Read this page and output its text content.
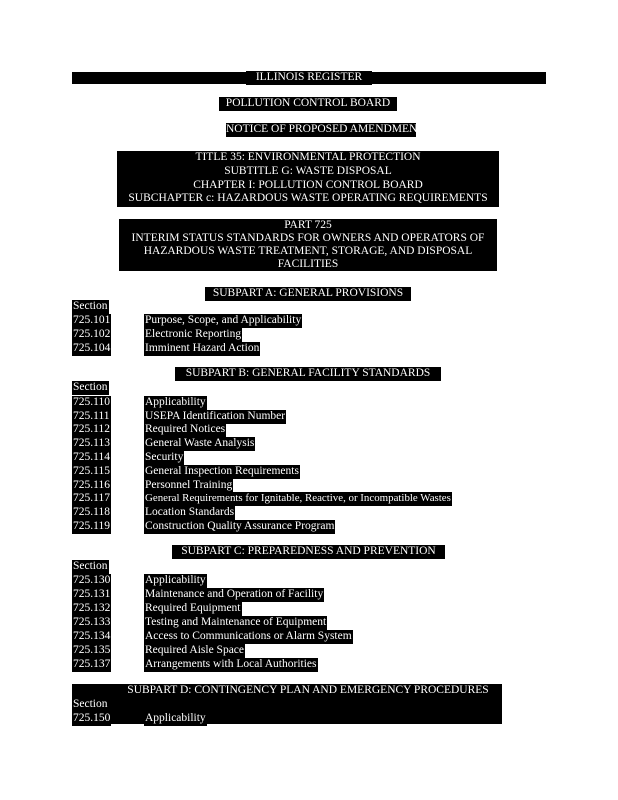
ILLINOIS REGISTER
POLLUTION CONTROL BOARD
NOTICE OF PROPOSED AMENDMENTS
TITLE 35: ENVIRONMENTAL PROTECTION
SUBTITLE G: WASTE DISPOSAL
CHAPTER I: POLLUTION CONTROL BOARD
SUBCHAPTER c: HAZARDOUS WASTE OPERATING REQUIREMENTS
PART 725
INTERIM STATUS STANDARDS FOR OWNERS AND OPERATORS OF
HAZARDOUS WASTE TREATMENT, STORAGE, AND DISPOSAL
FACILITIES
SUBPART A: GENERAL PROVISIONS
Section
725.101	Purpose, Scope, and Applicability
725.102	Electronic Reporting
725.104	Imminent Hazard Action
SUBPART B: GENERAL FACILITY STANDARDS
Section
725.110	Applicability
725.111	USEPA Identification Number
725.112	Required Notices
725.113	General Waste Analysis
725.114	Security
725.115	General Inspection Requirements
725.116	Personnel Training
725.117	General Requirements for Ignitable, Reactive, or Incompatible Wastes
725.118	Location Standards
725.119	Construction Quality Assurance Program
SUBPART C: PREPAREDNESS AND PREVENTION
Section
725.130	Applicability
725.131	Maintenance and Operation of Facility
725.132	Required Equipment
725.133	Testing and Maintenance of Equipment
725.134	Access to Communications or Alarm System
725.135	Required Aisle Space
725.137	Arrangements with Local Authorities
SUBPART D: CONTINGENCY PLAN AND EMERGENCY PROCEDURES
Section
725.150	Applicability
